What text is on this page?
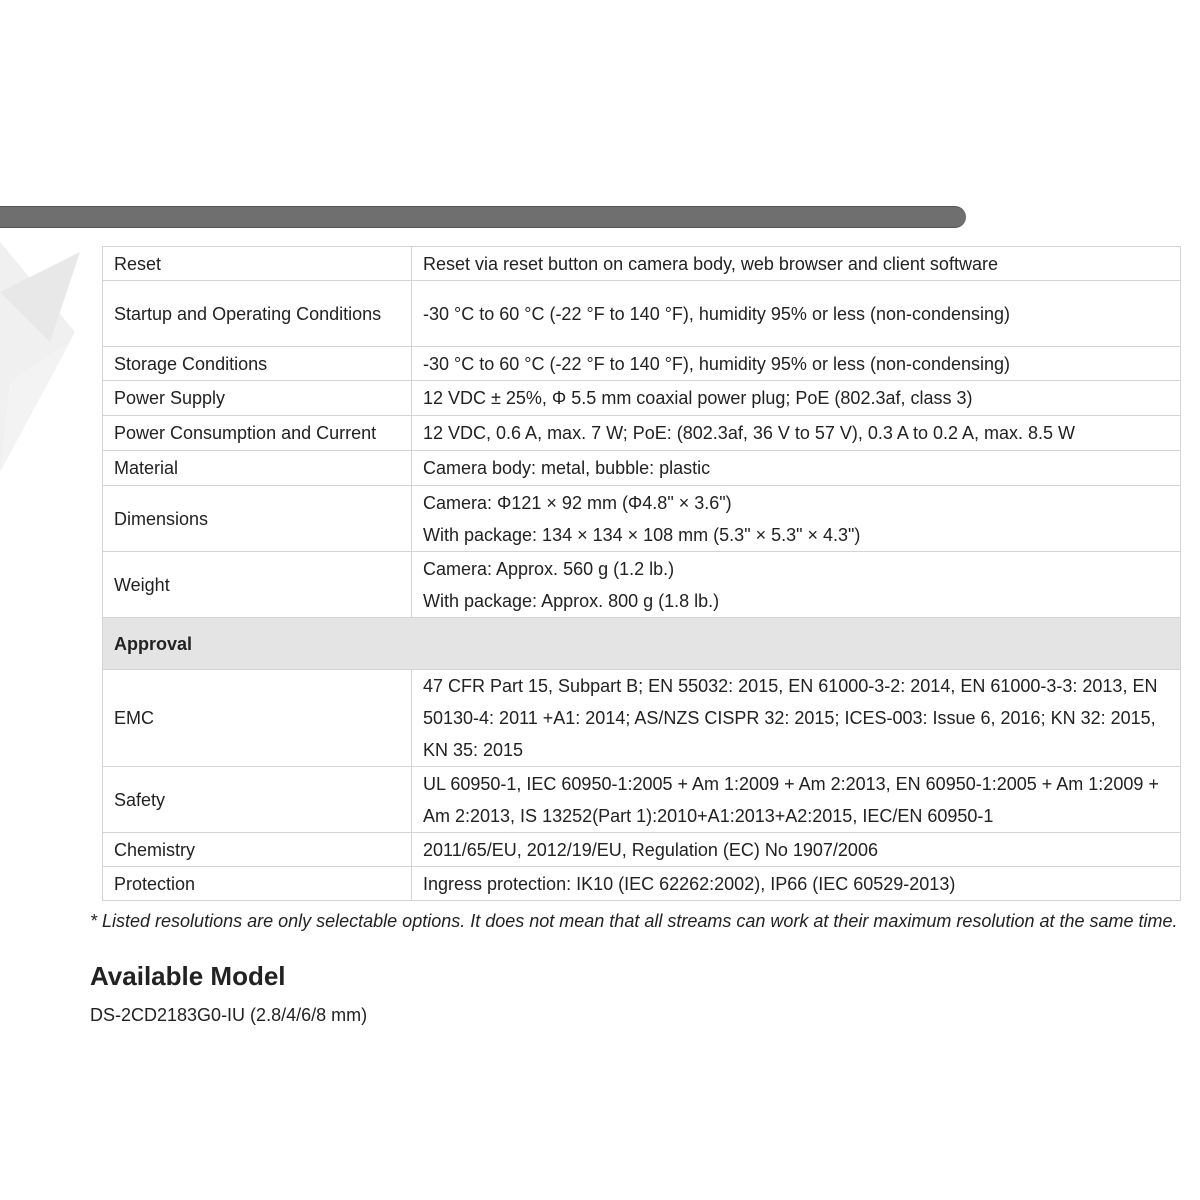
Reset	Reset via reset button on camera body, web browser and client software
Startup and Operating Conditions	-30 °C to 60 °C (-22 °F to 140 °F), humidity 95% or less (non-condensing)
Storage Conditions	-30 °C to 60 °C (-22 °F to 140 °F), humidity 95% or less (non-condensing)
Power Supply	12 VDC ± 25%, Φ 5.5 mm coaxial power plug; PoE (802.3af, class 3)
Power Consumption and Current	12 VDC, 0.6 A, max. 7 W; PoE: (802.3af, 36 V to 57 V), 0.3 A to 0.2 A, max. 8.5 W
Material	Camera body: metal, bubble: plastic
Dimensions	Camera: Φ121 × 92 mm (Φ4.8" × 3.6")
With package: 134 × 134 × 108 mm (5.3" × 5.3" × 4.3")

Weight	Camera: Approx. 560 g (1.2 lb.)
With package: Approx. 800 g (1.8 lb.)

Approval	
EMC	47 CFR Part 15, Subpart B; EN 55032: 2015, EN 61000-3-2: 2014, EN 61000-3-3: 2013, EN 50130-4: 2011 +A1: 2014; AS/NZS CISPR 32: 2015; ICES-003: Issue 6, 2016; KN 32: 2015, KN 35: 2015
Safety	UL 60950-1, IEC 60950-1:2005 + Am 1:2009 + Am 2:2013, EN 60950-1:2005 + Am 1:2009 + Am 2:2013, IS 13252(Part 1):2010+A1:2013+A2:2015, IEC/EN 60950-1
Chemistry	2011/65/EU, 2012/19/EU, Regulation (EC) No 1907/2006
Protection	Ingress protection: IK10 (IEC 62262:2002), IP66 (IEC 60529-2013)
* Listed resolutions are only selectable options. It does not mean that all streams can work at their maximum resolution at the same time.
Available Model
DS-2CD2183G0-IU (2.8/4/6/8 mm)
